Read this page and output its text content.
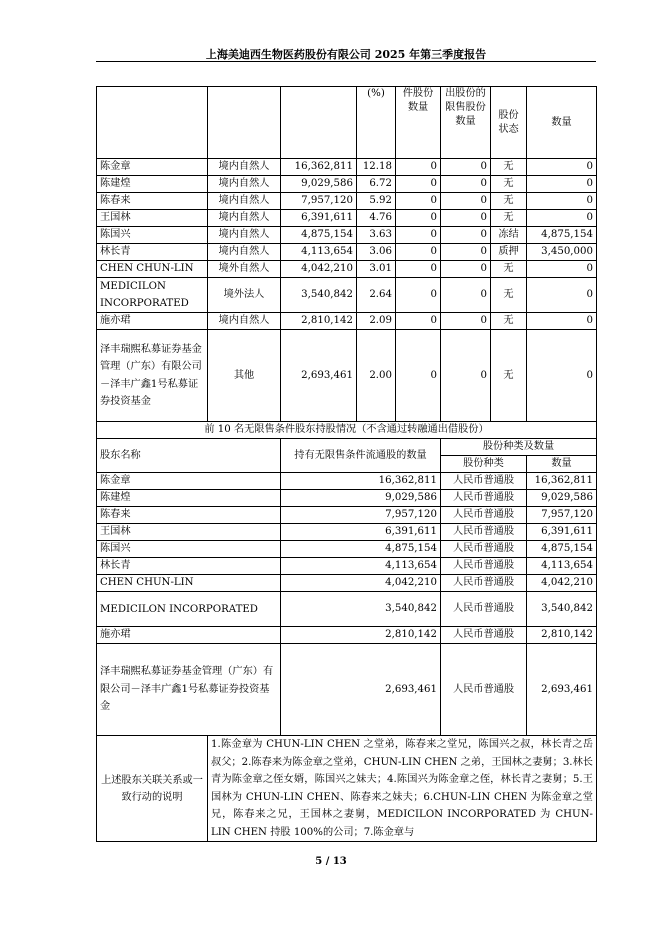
上海美迪西生物医药股份有限公司 2025 年第三季度报告
			(%)	件股份数量	出股份的限售股份数量	股份状态	数量
陈金章	境内自然人	16,362,811	12.18	0	0	无	0
陈建煌	境内自然人	9,029,586	6.72	0	0	无	0
陈春来	境内自然人	7,957,120	5.92	0	0	无	0
王国林	境内自然人	6,391,611	4.76	0	0	无	0
陈国兴	境内自然人	4,875,154	3.63	0	0	冻结	4,875,154
林长青	境内自然人	4,113,654	3.06	0	0	质押	3,450,000
CHEN CHUN-LIN	境外自然人	4,042,210	3.01	0	0	无	0
MEDICILON INCORPORATED	境外法人	3,540,842	2.64	0	0	无	0
施亦珺	境内自然人	2,810,142	2.09	0	0	无	0
泽丰瑞熙私募证券基金管理（广东）有限公司－泽丰广鑫1号私募证券投资基金	其他	2,693,461	2.00	0	0	无	0
前 10 名无限售条件股东持股情况（不含通过转融通出借股份）							
股东名称		持有无限售条件流通股的数量			股份种类及数量		
					股份种类		数量
陈金章		16,362,811			人民币普通股		16,362,811
陈建煌		9,029,586			人民币普通股		9,029,586
陈春来		7,957,120			人民币普通股		7,957,120
王国林		6,391,611			人民币普通股		6,391,611
陈国兴		4,875,154			人民币普通股		4,875,154
林长青		4,113,654			人民币普通股		4,113,654
CHEN CHUN-LIN		4,042,210			人民币普通股		4,042,210
MEDICILON INCORPORATED		3,540,842			人民币普通股		3,540,842
施亦珺		2,810,142			人民币普通股		2,810,142
泽丰瑞熙私募证券基金管理（广东）有限公司－泽丰广鑫1号私募证券投资基金		2,693,461			人民币普通股		2,693,461
上述股东关联关系或一致行动的说明	1.陈金章为 CHUN-LIN CHEN 之堂弟，陈春来之堂兄，陈国兴之叔，林长青之岳叔父；2.陈春来为陈金章之堂弟，CHUN-LIN CHEN 之弟，王国林之妻舅；3.林长青为陈金章之侄女婿，陈国兴之妹夫；4.陈国兴为陈金章之侄，林长青之妻舅；5.王国林为 CHUN-LIN CHEN、陈春来之妹夫；6.CHUN-LIN CHEN 为陈金章之堂兄，陈春来之兄，王国林之妻舅，MEDICILON INCORPORATED 为 CHUN-LIN CHEN 持股 100%的公司；7.陈金章与						
5 / 13
